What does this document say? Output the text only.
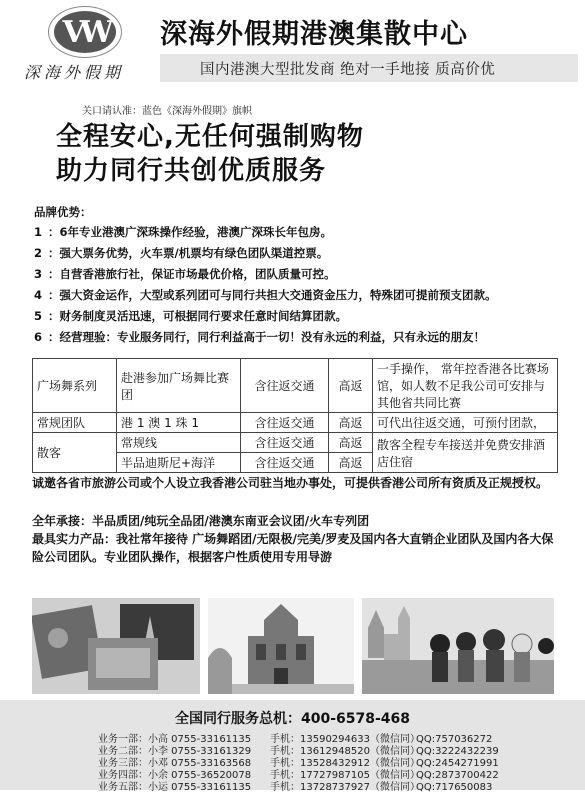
VW
深海外假期
深海外假期港澳集散中心
国内港澳大型批发商 绝对一手地接 质高价优
关口请认准：蓝色《深海外假期》旗帜
全程安心,无任何强制购物
助力同行共创优质服务
品牌优势：
1 ：6年专业港澳广深珠操作经验，港澳广深珠长年包房。
2 ：强大票务优势，火车票/机票均有绿色团队渠道控票。
3 ：自营香港旅行社，保证市场最优价格，团队质量可控。
4 ：强大资金运作，大型或系列团可与同行共担大交通资金压力，特殊团可提前预支团款。
5 ：财务制度灵活迅速，可根据同行要求任意时间结算团款。
6 ：经营理验：专业服务同行，同行利益高于一切！没有永远的利益，只有永远的朋友！
广场舞系列	赴港参加广场舞比赛团	含往返交通	高返	一手操作， 常年控香港各比赛场馆，如人数不足我公司可安排与其他省共同比赛
常规团队	港 1 澳 1 珠 1	含往返交通	高返	可代出往返交通，可预付团款，
散客	常规线	含往返交通	高返	散客全程专车接送并免费安排酒店住宿
	半品迪斯尼+海洋	含往返交通	高返	
诚邀各省市旅游公司或个人设立我香港公司驻当地办事处，可提供香港公司所有资质及正规授权。
全年承接：半品质团/纯玩全品团/港澳东南亚会议团/火车专列团
最具实力产品：我社常年接待 广场舞蹈团/无限极/完美/罗麦及国内各大直销企业团队及国内各大保险公司团队。专业团队操作，根据客户性质使用专用导游
全国同行服务总机：400-6578-468
业务一部：小高 0755-33161135 手机：13590294633（微信同）QQ:757036272
业务二部：小李 0755-33161329 手机：13612948520（微信同）QQ:3222432239
业务三部：小邓 0755-33163568 手机：13528432912（微信同）QQ:2454271991
业务四部：小余 0755-36520078 手机：17727987105（微信同）QQ:2873700422
业务五部：小运 0755-33161135 手机：13728737927（微信同）QQ:717650083
